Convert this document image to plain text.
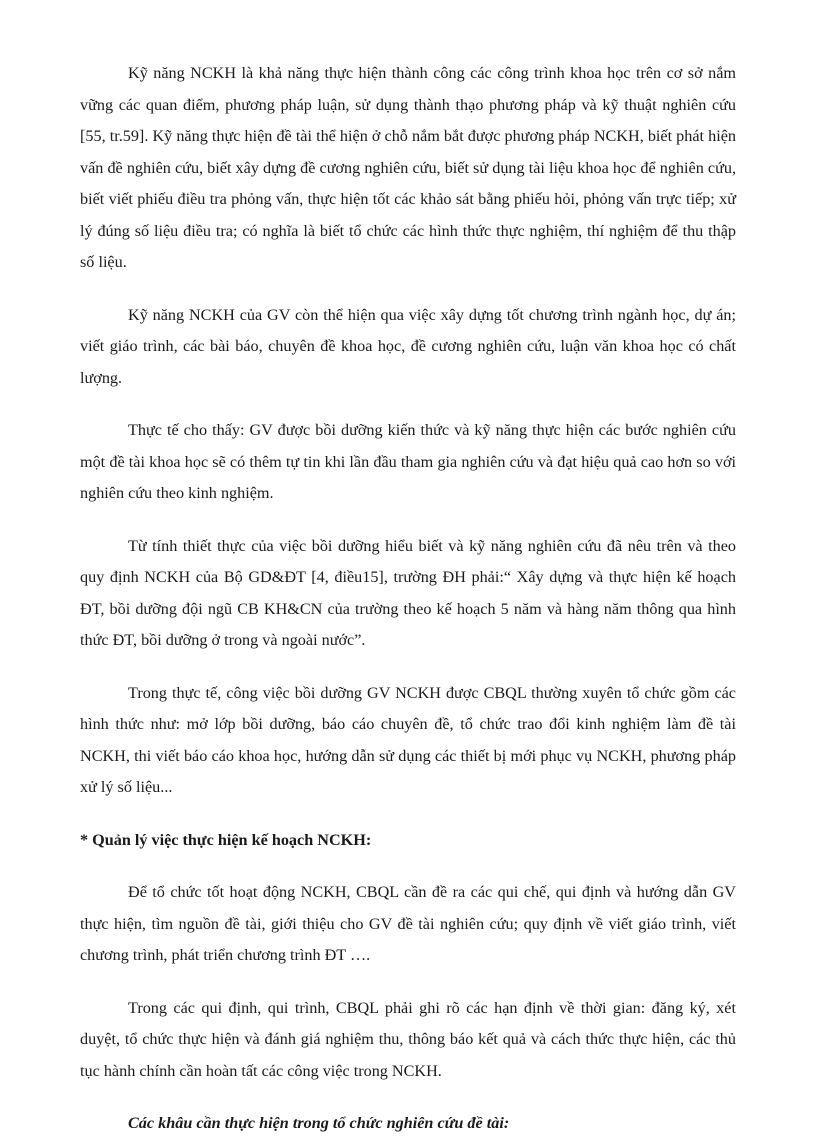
Kỹ năng NCKH là khả năng thực hiện thành công các công trình khoa học trên cơ sở nắm vững các quan điểm, phương pháp luận, sử dụng thành thạo phương pháp và kỹ thuật nghiên cứu [55, tr.59]. Kỹ năng thực hiện đề tài thể hiện ở chỗ nắm bắt được phương pháp NCKH, biết phát hiện vấn đề nghiên cứu, biết xây dựng đề cương nghiên cứu, biết sử dụng tài liệu khoa học để nghiên cứu, biết viết phiếu điều tra phỏng vấn, thực hiện tốt các khảo sát bằng phiếu hỏi, phỏng vấn trực tiếp; xử lý đúng số liệu điều tra; có nghĩa là biết tổ chức các hình thức thực nghiệm, thí nghiệm để thu thập số liệu.

Kỹ năng NCKH của GV còn thể hiện qua việc xây dựng tốt chương trình ngành học, dự án; viết giáo trình, các bài báo, chuyên đề khoa học, đề cương nghiên cứu, luận văn khoa học có chất lượng.

Thực tế cho thấy: GV được bồi dưỡng kiến thức và kỹ năng thực hiện các bước nghiên cứu một đề tài khoa học sẽ có thêm tự tin khi lần đầu tham gia nghiên cứu và đạt hiệu quả cao hơn so với nghiên cứu theo kinh nghiệm.

Từ tính thiết thực của việc bồi dưỡng hiểu biết và kỹ năng nghiên cứu đã nêu trên và theo quy định NCKH của Bộ GD&ĐT [4, điều15], trường ĐH phải:“ Xây dựng và thực hiện kế hoạch ĐT, bồi dưỡng đội ngũ CB KH&CN của trường theo kế hoạch 5 năm và hàng năm thông qua hình thức ĐT, bồi dưỡng ở trong và ngoài nước”.

Trong thực tế, công việc bồi dưỡng GV NCKH được CBQL thường xuyên tổ chức gồm các hình thức như: mở lớp bồi dưỡng, báo cáo chuyên đề, tổ chức trao đổi kinh nghiệm làm đề tài NCKH, thi viết báo cáo khoa học, hướng dẫn sử dụng các thiết bị mới phục vụ NCKH, phương pháp xử lý số liệu...

* Quản lý việc thực hiện kế hoạch NCKH:

Để tổ chức tốt hoạt động NCKH, CBQL cần đề ra các qui chế, qui định và hướng dẫn GV thực hiện, tìm nguồn đề tài, giới thiệu cho GV đề tài nghiên cứu; quy định về viết giáo trình, viết chương trình, phát triển chương trình ĐT ….

Trong các qui định, qui trình, CBQL phải ghi rõ các hạn định về thời gian: đăng ký, xét duyệt, tổ chức thực hiện và đánh giá nghiệm thu, thông báo kết quả và cách thức thực hiện, các thủ tục hành chính cần hoàn tất các công việc trong NCKH.

Các khâu cần thực hiện trong tổ chức nghiên cứu đề tài:
